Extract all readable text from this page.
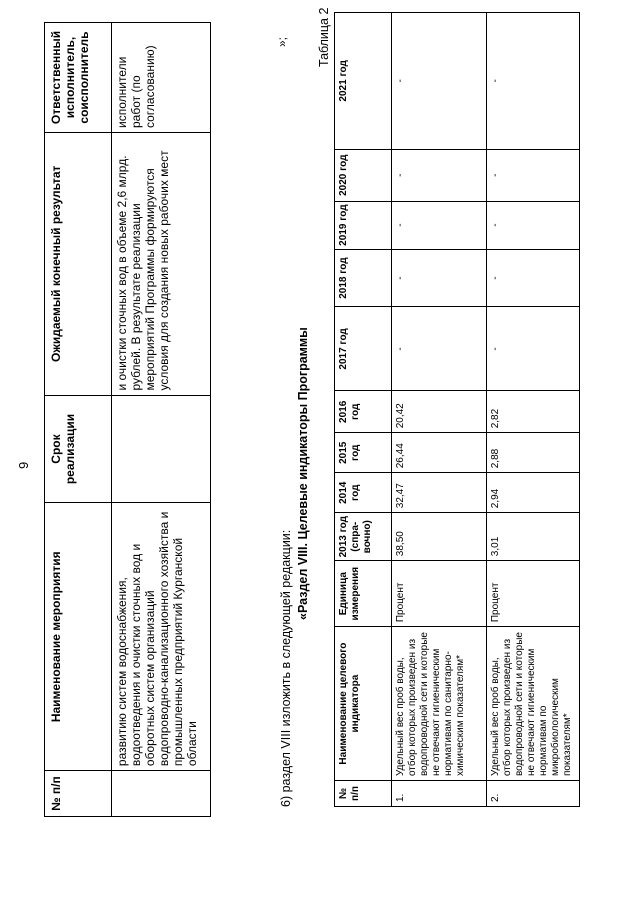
9
№ п/п	Наименование мероприятия	Срок реализации	Ожидаемый конечный результат	Ответственный исполнитель, соисполнитель
	развитию систем водоснабжения, водоотведения и очистки сточных вод и оборотных систем организаций водопроводно-канализационного хозяйства и промышленных предприятий Курганской области		и очистки сточных вод в объеме 2,6 млрд. рублей. В результате реализации мероприятий Программы формируются условия для создания новых рабочих мест	исполнители работ (по согласованию)
»;
6) раздел VIII изложить в следующей редакции:
«Раздел VIII. Целевые индикаторы Программы
Таблица 2
№ п/п	Наименование целевого индикатора	Единица измерения	2013 год (спра-вочно)	2014 год	2015 год	2016 год	2017 год	2018 год	2019 год	2020 год	2021 год
1.	Удельный вес проб воды, отбор которых произведен из водопроводной сети и которые не отвечают гигиеническим нормативам по санитарно-химическим показателям*	Процент	38,50	32,47	26,44	20,42	-	-	-	-	-
2.	Удельный вес проб воды, отбор которых произведен из водопроводной сети и которые не отвечают гигиеническим нормативам по микробиологическим показателям*	Процент	3,01	2,94	2,88	2,82	-	-	-	-	-
